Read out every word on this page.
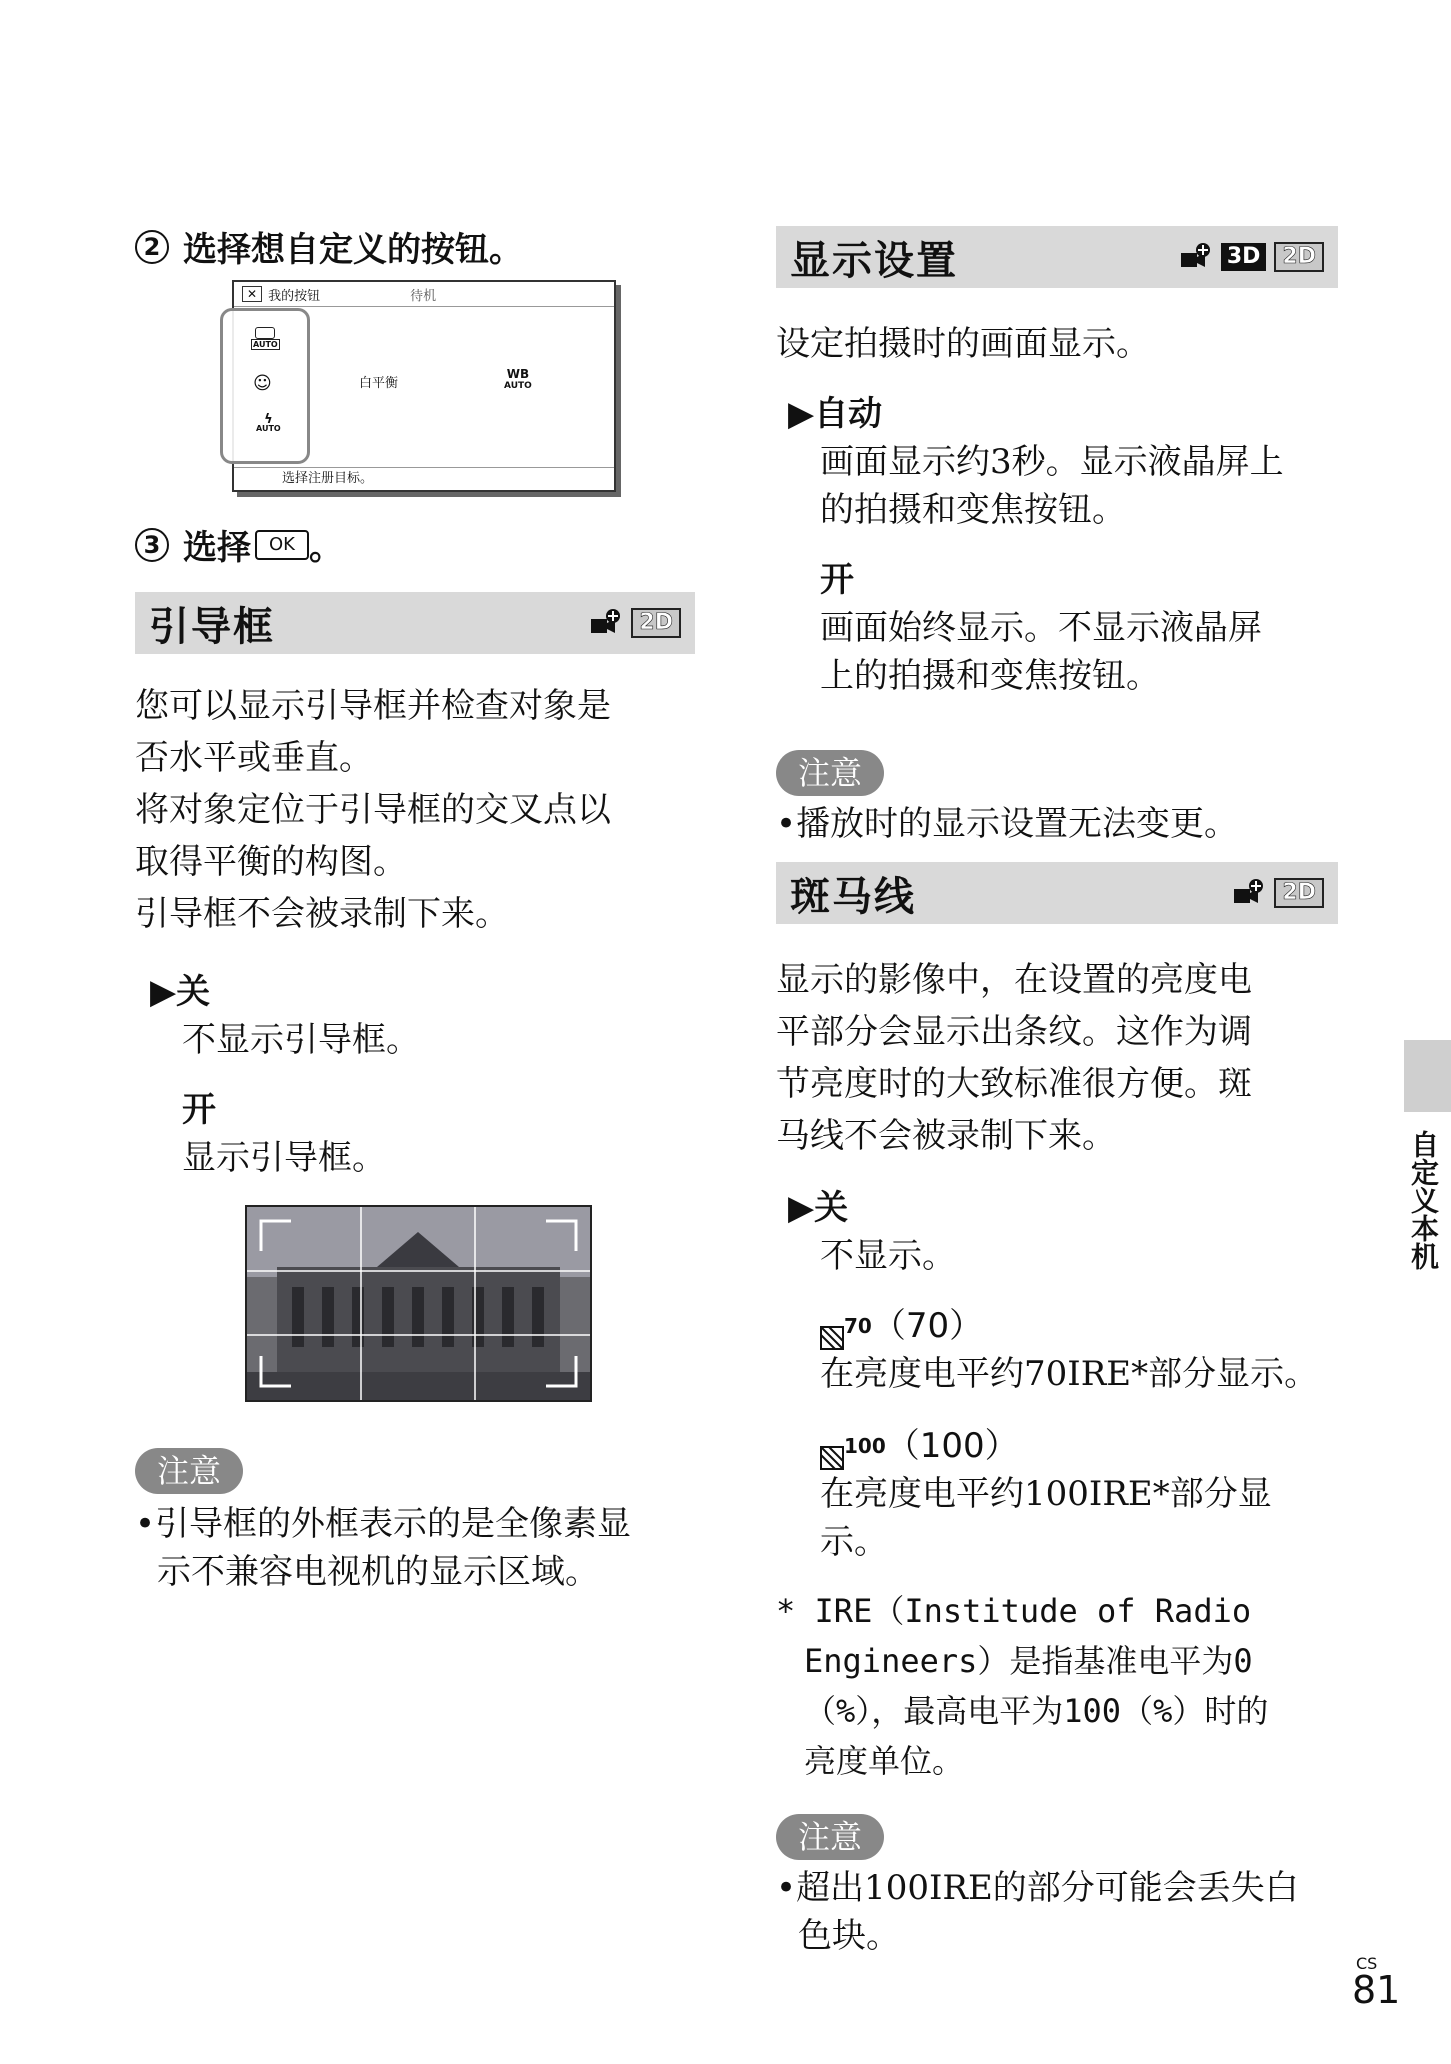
2 选择想自定义的按钮。
✕ 我的按钮	待机
选择注册目标。
白平衡
WB
AUTO
AUTO
☺
ϟ
AUTO
3 选择	OK 。
引导框	2D
您可以显示引导框并检查对象是
否水平或垂直。
将对象定位于引导框的交叉点以
取得平衡的构图。
引导框不会被录制下来。
▶关
不显示引导框。
开
显示引导框。
注意
•引导框的外框表示的是全像素显
示不兼容电视机的显示区域。
显示设置	3D	2D
设定拍摄时的画面显示。
▶自动
画面显示约3秒。显示液晶屏上
的拍摄和变焦按钮。
开
画面始终显示。不显示液晶屏
上的拍摄和变焦按钮。
注意
•播放时的显示设置无法变更。
斑马线	2D
显示的影像中，在设置的亮度电
平部分会显示出条纹。这作为调
节亮度时的大致标准很方便。斑
马线不会被录制下来。
▶关
不显示。
70 （70）
在亮度电平约70IRE*部分显示。
100 （100）
在亮度电平约100IRE*部分显
示。
* IRE（Institude of Radio
Engineers）是指基准电平为0
（%），最高电平为100（%）时的
亮度单位。
注意
•超出100IRE的部分可能会丢失白
色块。
自定义本机
CS
81
